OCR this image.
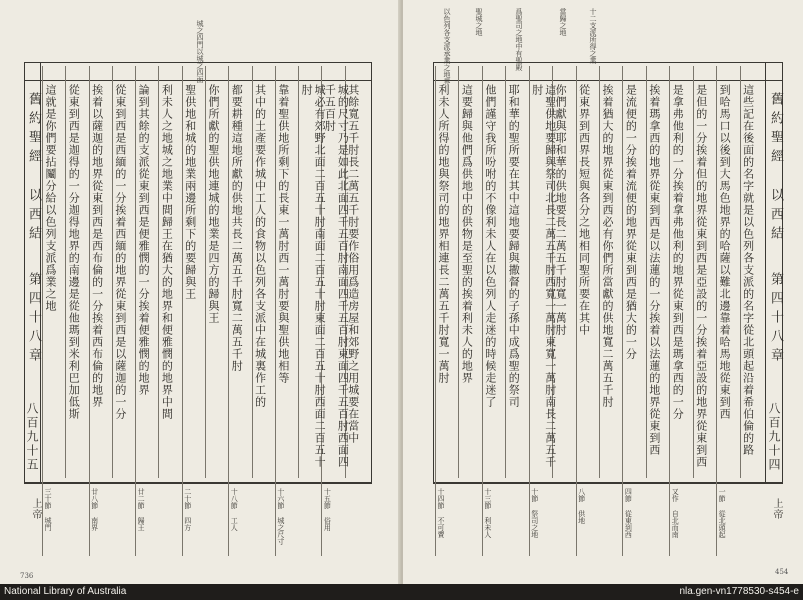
舊約聖經
以西結
第四十八章
八百九十五
上帝
城之四門以城之四面
其餘寬五千肘長二萬五千肘要作俗用爲造房屋和郊野之用城要在當中
城的尺寸乃是如此北面四千五百肘南面四千五百肘東面四千五百肘西面四千五百肘
城必有郊野北面二百五十肘南面二百五十肘東面二百五十肘西面二百五十肘
靠着聖供地所剩下的長東一萬肘西一萬肘要與聖供地相等
其中的土產要作城中工人的食物以色列各支派中在城裏作工的
都要耕種這地所獻的供地共長二萬五千肘寬二萬五千肘
你們所獻的聖供地連城的地業是四方的歸與王
聖供地和城的地業兩邊所剩下的要歸與王
利未人之地城之地業中間歸王在猶大的地界和便雅憫的地界中間
論到其餘的支派從東到西是便雅憫的一分挨着便雅憫的地界
從東到西是西緬的一分挨着西緬的地界從東到西是以薩迦的一分
挨着以薩迦的地界從東到西是西布倫的一分挨着西布倫的地界
從東到西是迦得的一分迦得地界的南邊是從他瑪到米利巴加低斯
這就是你們要拈鬮分給以色列支派爲業之地
十五節 俗用
十六節 城之尺寸
十八節 工人
二十節 四方
廿二節 歸王
廿八節 南界
三十節 城門
736
舊約聖經
以西結
第四十八章
八百九十四
上帝
以色列各支派承業之地界	十二支派所得之業
當歸之地
爲聖司之地中有聖殿
聖城之地
這些記在後面的名字就是以色列各支派的名字從北頭起沿着希伯倫的路
到哈馬口以後到大馬色地界的哈薩以難北邊靠着哈馬地從東到西
是但的一分挨着但的地界從東到西是亞設的一分挨着亞設的地界從東到西
是拿弗他利的一分挨着拿弗他利的地界從東到西是瑪拿西的一分
挨着瑪拿西的地界從東到西是以法蓮的一分挨着以法蓮的地界從東到西
是流便的一分挨着流便的地界從東到西是猶大的一分
挨着猶大的地界從東到西必有你們所當獻的供地寬二萬五千肘
從東界到西界長短與各分之地相同聖所要在其中
你們獻與耶和華的供地要長二萬五千肘寬一萬肘
這聖供地要歸與祭司北長二萬五千肘西寬一萬肘東寬一萬肘南長二萬五千肘
耶和華的聖所要在其中這地要歸與撒督的子孫中成爲聖的祭司
他們謹守我所吩咐的不像利未人在以色列人走迷的時候走迷了
這要歸與他們爲供地中的供物是至聖的挨着利未人的地界
利未人所得的地與祭司的地界相連長二萬五千肘寬一萬肘
一節 從北頭起
又作 自北而南
四節 從東到西
八節 供地
十節 祭司之地
十三節 利未人
十四節 不可賣
454
National Library of Australia	nla.gen-vn1778530-s454-e
